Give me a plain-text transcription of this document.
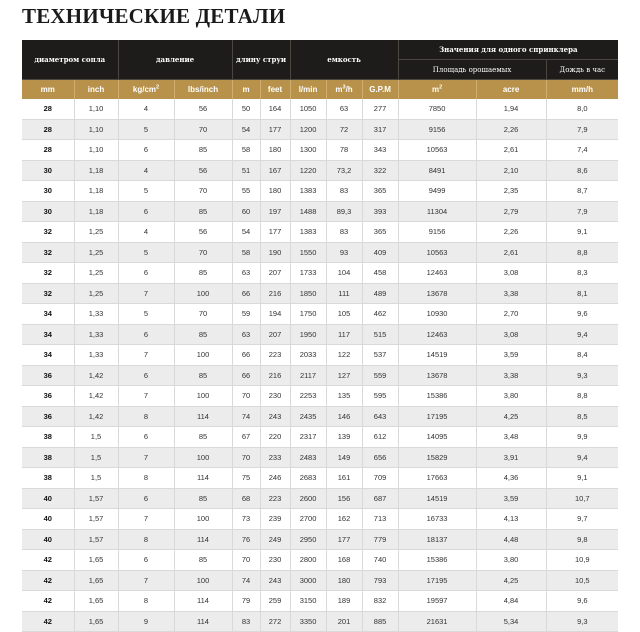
ТЕХНИЧЕСКИЕ ДЕТАЛИ
диаметром сопла		давление		длину струи		емкость			Значения для одного спринклера		
									Площадь орошаемых		Дождь в час
mm	inch	$kg/cm^2$	lbs/inch	m	feet	l/min	$m^3/h$	G.P.M	$m^2$	acre	mm/h
28	1,10	4	56	50	164	1050	63	277	7850	1,94	8,0
28	1,10	5	70	54	177	1200	72	317	9156	2,26	7,9
28	1,10	6	85	58	180	1300	78	343	10563	2,61	7,4
30	1,18	4	56	51	167	1220	73,2	322	8491	2,10	8,6
30	1,18	5	70	55	180	1383	83	365	9499	2,35	8,7
30	1,18	6	85	60	197	1488	89,3	393	11304	2,79	7,9
32	1,25	4	56	54	177	1383	83	365	9156	2,26	9,1
32	1,25	5	70	58	190	1550	93	409	10563	2,61	8,8
32	1,25	6	85	63	207	1733	104	458	12463	3,08	8,3
32	1,25	7	100	66	216	1850	111	489	13678	3,38	8,1
34	1,33	5	70	59	194	1750	105	462	10930	2,70	9,6
34	1,33	6	85	63	207	1950	117	515	12463	3,08	9,4
34	1,33	7	100	66	223	2033	122	537	14519	3,59	8,4
36	1,42	6	85	66	216	2117	127	559	13678	3,38	9,3
36	1,42	7	100	70	230	2253	135	595	15386	3,80	8,8
36	1,42	8	114	74	243	2435	146	643	17195	4,25	8,5
38	1,5	6	85	67	220	2317	139	612	14095	3,48	9,9
38	1,5	7	100	70	233	2483	149	656	15829	3,91	9,4
38	1,5	8	114	75	246	2683	161	709	17663	4,36	9,1
40	1,57	6	85	68	223	2600	156	687	14519	3,59	10,7
40	1,57	7	100	73	239	2700	162	713	16733	4,13	9,7
40	1,57	8	114	76	249	2950	177	779	18137	4,48	9,8
42	1,65	6	85	70	230	2800	168	740	15386	3,80	10,9
42	1,65	7	100	74	243	3000	180	793	17195	4,25	10,5
42	1,65	8	114	79	259	3150	189	832	19597	4,84	9,6
42	1,65	9	114	83	272	3350	201	885	21631	5,34	9,3
